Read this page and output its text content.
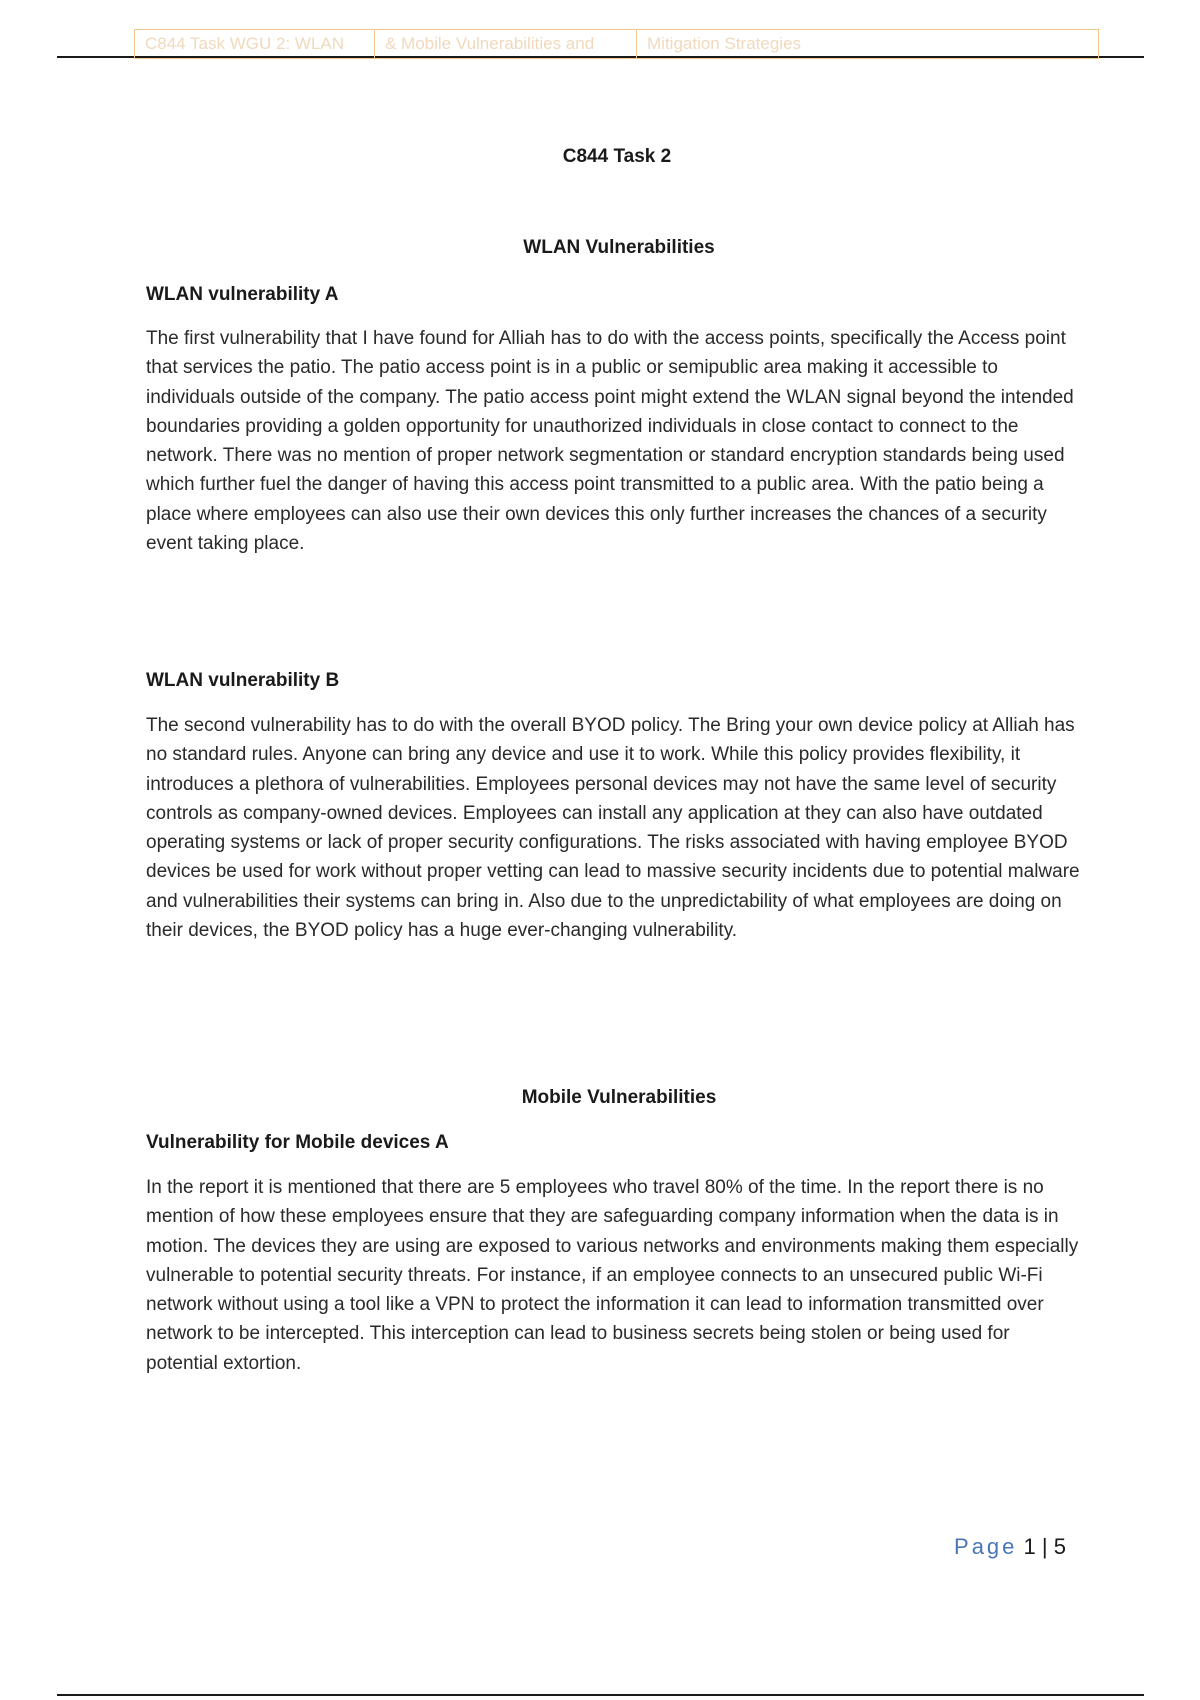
C844 Task WGU 2: WLAN	& Mobile Vulnerabilities and	Mitigation Strategies
C844 Task 2
WLAN Vulnerabilities
WLAN vulnerability A
The first vulnerability that I have found for Alliah has to do with the access points, specifically the Access point that services the patio. The patio access point is in a public or semipublic area making it accessible to individuals outside of the company. The patio access point might extend the WLAN signal beyond the intended boundaries providing a golden opportunity for unauthorized individuals in close contact to connect to the network. There was no mention of proper network segmentation or standard encryption standards being used which further fuel the danger of having this access point transmitted to a public area. With the patio being a place where employees can also use their own devices this only further increases the chances of a security event taking place.
WLAN vulnerability B
The second vulnerability has to do with the overall BYOD policy. The Bring your own device policy at Alliah has no standard rules. Anyone can bring any device and use it to work. While this policy provides flexibility, it introduces a plethora of vulnerabilities. Employees personal devices may not have the same level of security controls as company-owned devices. Employees can install any application at they can also have outdated operating systems or lack of proper security configurations. The risks associated with having employee BYOD devices be used for work without proper vetting can lead to massive security incidents due to potential malware and vulnerabilities their systems can bring in. Also due to the unpredictability of what employees are doing on their devices, the BYOD policy has a huge ever-changing vulnerability.
Mobile Vulnerabilities
Vulnerability for Mobile devices A
In the report it is mentioned that there are 5 employees who travel 80% of the time. In the report there is no mention of how these employees ensure that they are safeguarding company information when the data is in motion. The devices they are using are exposed to various networks and environments making them especially vulnerable to potential security threats. For instance, if an employee connects to an unsecured public Wi-Fi network without using a tool like a VPN to protect the information it can lead to information transmitted over network to be intercepted. This interception can lead to business secrets being stolen or being used for potential extortion.
Page 1 | 5
